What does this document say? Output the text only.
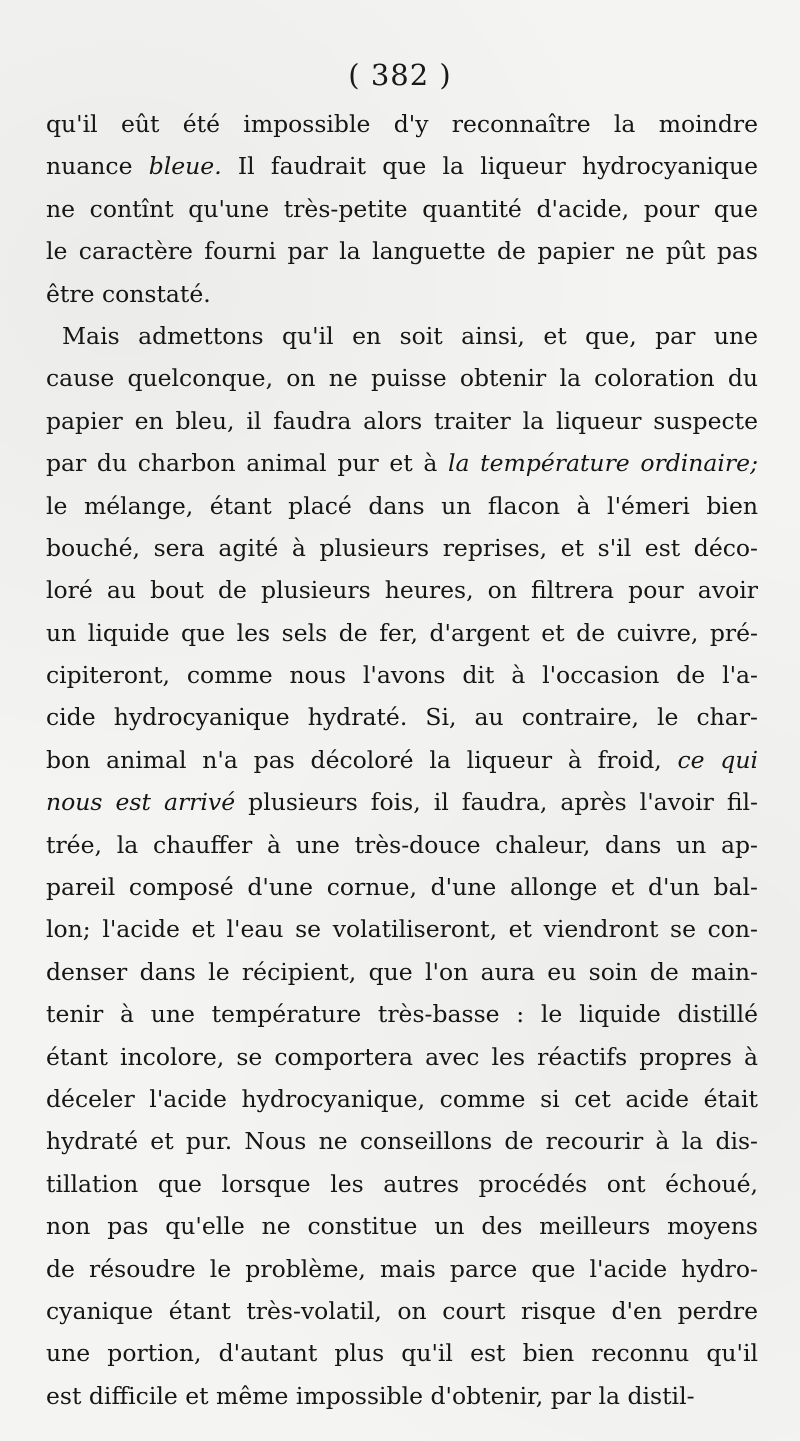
( 382 )
qu'il eût été impossible d'y reconnaître la moindre
nuance bleue. Il faudrait que la liqueur hydrocyanique
ne contînt qu'une très-petite quantité d'acide, pour que
le caractère fourni par la languette de papier ne pût pas
être constaté.
Mais admettons qu'il en soit ainsi, et que, par une
cause quelconque, on ne puisse obtenir la coloration du
papier en bleu, il faudra alors traiter la liqueur suspecte
par du charbon animal pur et à la température ordinaire;
le mélange, étant placé dans un flacon à l'émeri bien
bouché, sera agité à plusieurs reprises, et s'il est déco-
loré au bout de plusieurs heures, on filtrera pour avoir
un liquide que les sels de fer, d'argent et de cuivre, pré-
cipiteront, comme nous l'avons dit à l'occasion de l'a-
cide hydrocyanique hydraté. Si, au contraire, le char-
bon animal n'a pas décoloré la liqueur à froid, ce qui
nous est arrivé plusieurs fois, il faudra, après l'avoir fil-
trée, la chauffer à une très-douce chaleur, dans un ap-
pareil composé d'une cornue, d'une allonge et d'un bal-
lon; l'acide et l'eau se volatiliseront, et viendront se con-
denser dans le récipient, que l'on aura eu soin de main-
tenir à une température très-basse : le liquide distillé
étant incolore, se comportera avec les réactifs propres à
déceler l'acide hydrocyanique, comme si cet acide était
hydraté et pur. Nous ne conseillons de recourir à la dis-
tillation que lorsque les autres procédés ont échoué,
non pas qu'elle ne constitue un des meilleurs moyens
de résoudre le problème, mais parce que l'acide hydro-
cyanique étant très-volatil, on court risque d'en perdre
une portion, d'autant plus qu'il est bien reconnu qu'il
est difficile et même impossible d'obtenir, par la distil-
